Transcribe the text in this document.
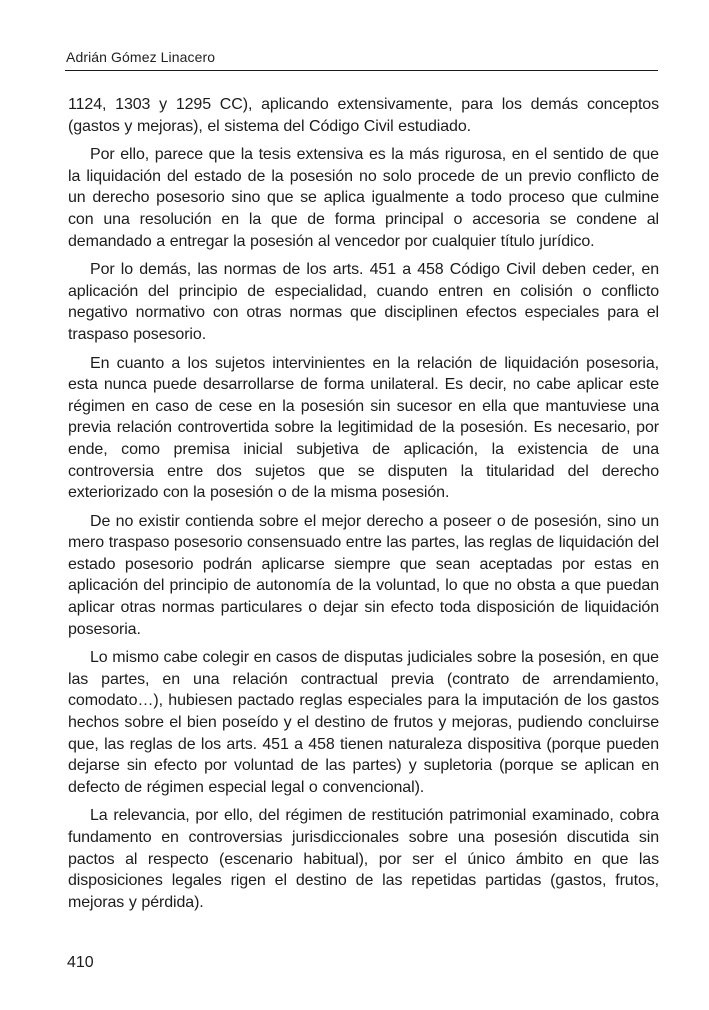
Adrián Gómez Linacero

1124, 1303 y 1295 CC), aplicando extensivamente, para los demás conceptos (gastos y mejoras), el sistema del Código Civil estudiado.

Por ello, parece que la tesis extensiva es la más rigurosa, en el sentido de que la liquidación del estado de la posesión no solo procede de un previo conflicto de un derecho posesorio sino que se aplica igualmente a todo proceso que culmine con una resolución en la que de forma principal o accesoria se condene al demandado a entregar la posesión al vencedor por cualquier título jurídico.

Por lo demás, las normas de los arts. 451 a 458 Código Civil deben ceder, en aplicación del principio de especialidad, cuando entren en colisión o conflicto negativo normativo con otras normas que disciplinen efectos especiales para el traspaso posesorio.

En cuanto a los sujetos intervinientes en la relación de liquidación posesoria, esta nunca puede desarrollarse de forma unilateral. Es decir, no cabe aplicar este régimen en caso de cese en la posesión sin sucesor en ella que mantuviese una previa relación controvertida sobre la legitimidad de la posesión. Es necesario, por ende, como premisa inicial subjetiva de aplicación, la existencia de una controversia entre dos sujetos que se disputen la titularidad del derecho exteriorizado con la posesión o de la misma posesión.

De no existir contienda sobre el mejor derecho a poseer o de posesión, sino un mero traspaso posesorio consensuado entre las partes, las reglas de liquidación del estado posesorio podrán aplicarse siempre que sean aceptadas por estas en aplicación del principio de autonomía de la voluntad, lo que no obsta a que puedan aplicar otras normas particulares o dejar sin efecto toda disposición de liquidación posesoria.

Lo mismo cabe colegir en casos de disputas judiciales sobre la posesión, en que las partes, en una relación contractual previa (contrato de arrendamiento, comodato…), hubiesen pactado reglas especiales para la imputación de los gastos hechos sobre el bien poseído y el destino de frutos y mejoras, pudiendo concluirse que, las reglas de los arts. 451 a 458 tienen naturaleza dispositiva (porque pueden dejarse sin efecto por voluntad de las partes) y supletoria (porque se aplican en defecto de régimen especial legal o convencional).

La relevancia, por ello, del régimen de restitución patrimonial examinado, cobra fundamento en controversias jurisdiccionales sobre una posesión discutida sin pactos al respecto (escenario habitual), por ser el único ámbito en que las disposiciones legales rigen el destino de las repetidas partidas (gastos, frutos, mejoras y pérdida).

410
